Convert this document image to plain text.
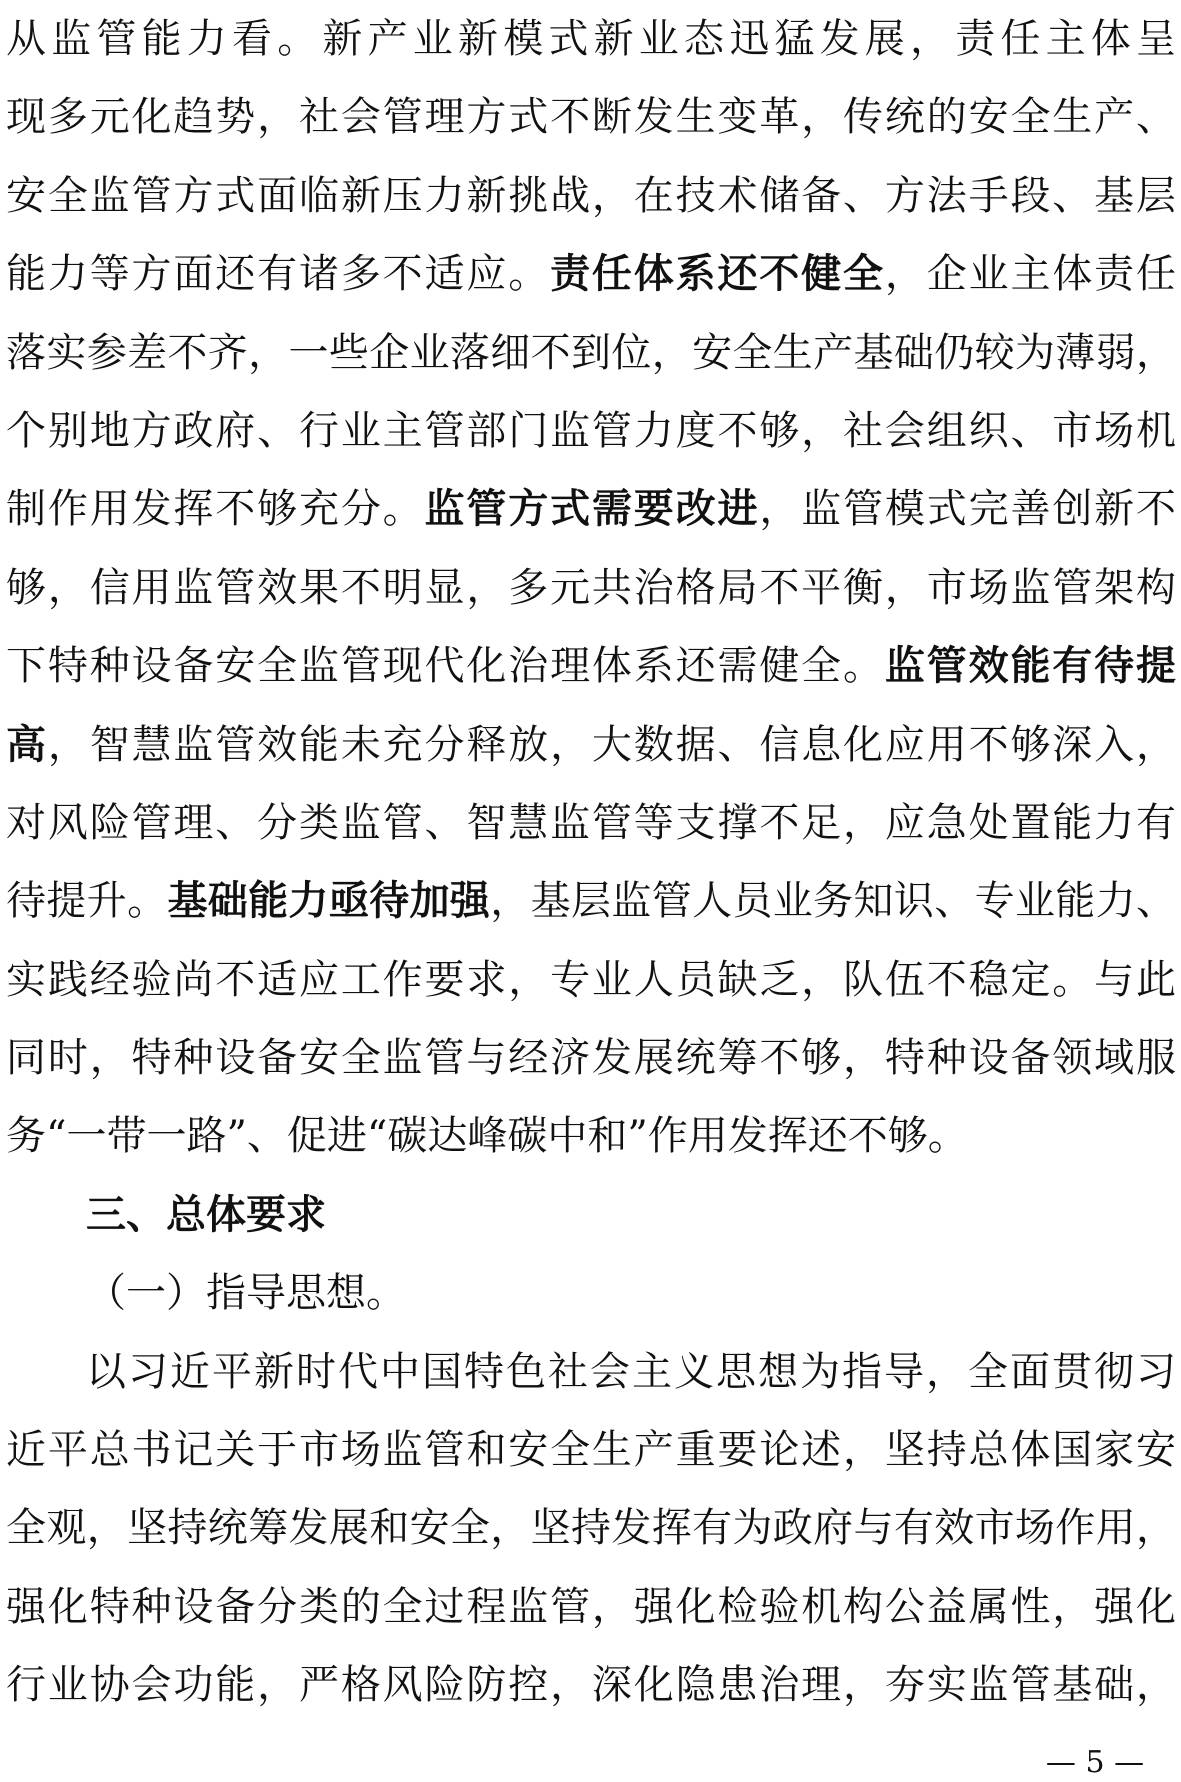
从监管能力看。新产业新模式新业态迅猛发展，责任主体呈
现多元化趋势，社会管理方式不断发生变革，传统的安全生产、
安全监管方式面临新压力新挑战，在技术储备、方法手段、基层
能力等方面还有诸多不适应。责任体系还不健全，企业主体责任
落实参差不齐，一些企业落细不到位，安全生产基础仍较为薄弱，
个别地方政府、行业主管部门监管力度不够，社会组织、市场机
制作用发挥不够充分。监管方式需要改进，监管模式完善创新不
够，信用监管效果不明显，多元共治格局不平衡，市场监管架构
下特种设备安全监管现代化治理体系还需健全。监管效能有待提
高，智慧监管效能未充分释放，大数据、信息化应用不够深入，
对风险管理、分类监管、智慧监管等支撑不足，应急处置能力有
待提升。基础能力亟待加强，基层监管人员业务知识、专业能力、
实践经验尚不适应工作要求，专业人员缺乏，队伍不稳定。与此
同时，特种设备安全监管与经济发展统筹不够，特种设备领域服
务“一带一路”、促进“碳达峰碳中和”作用发挥还不够。
三、总体要求
（一）指导思想。
以习近平新时代中国特色社会主义思想为指导，全面贯彻习
近平总书记关于市场监管和安全生产重要论述，坚持总体国家安
全观，坚持统筹发展和安全，坚持发挥有为政府与有效市场作用，
强化特种设备分类的全过程监管，强化检验机构公益属性，强化
行业协会功能，严格风险防控，深化隐患治理，夯实监管基础，
— 5 —
